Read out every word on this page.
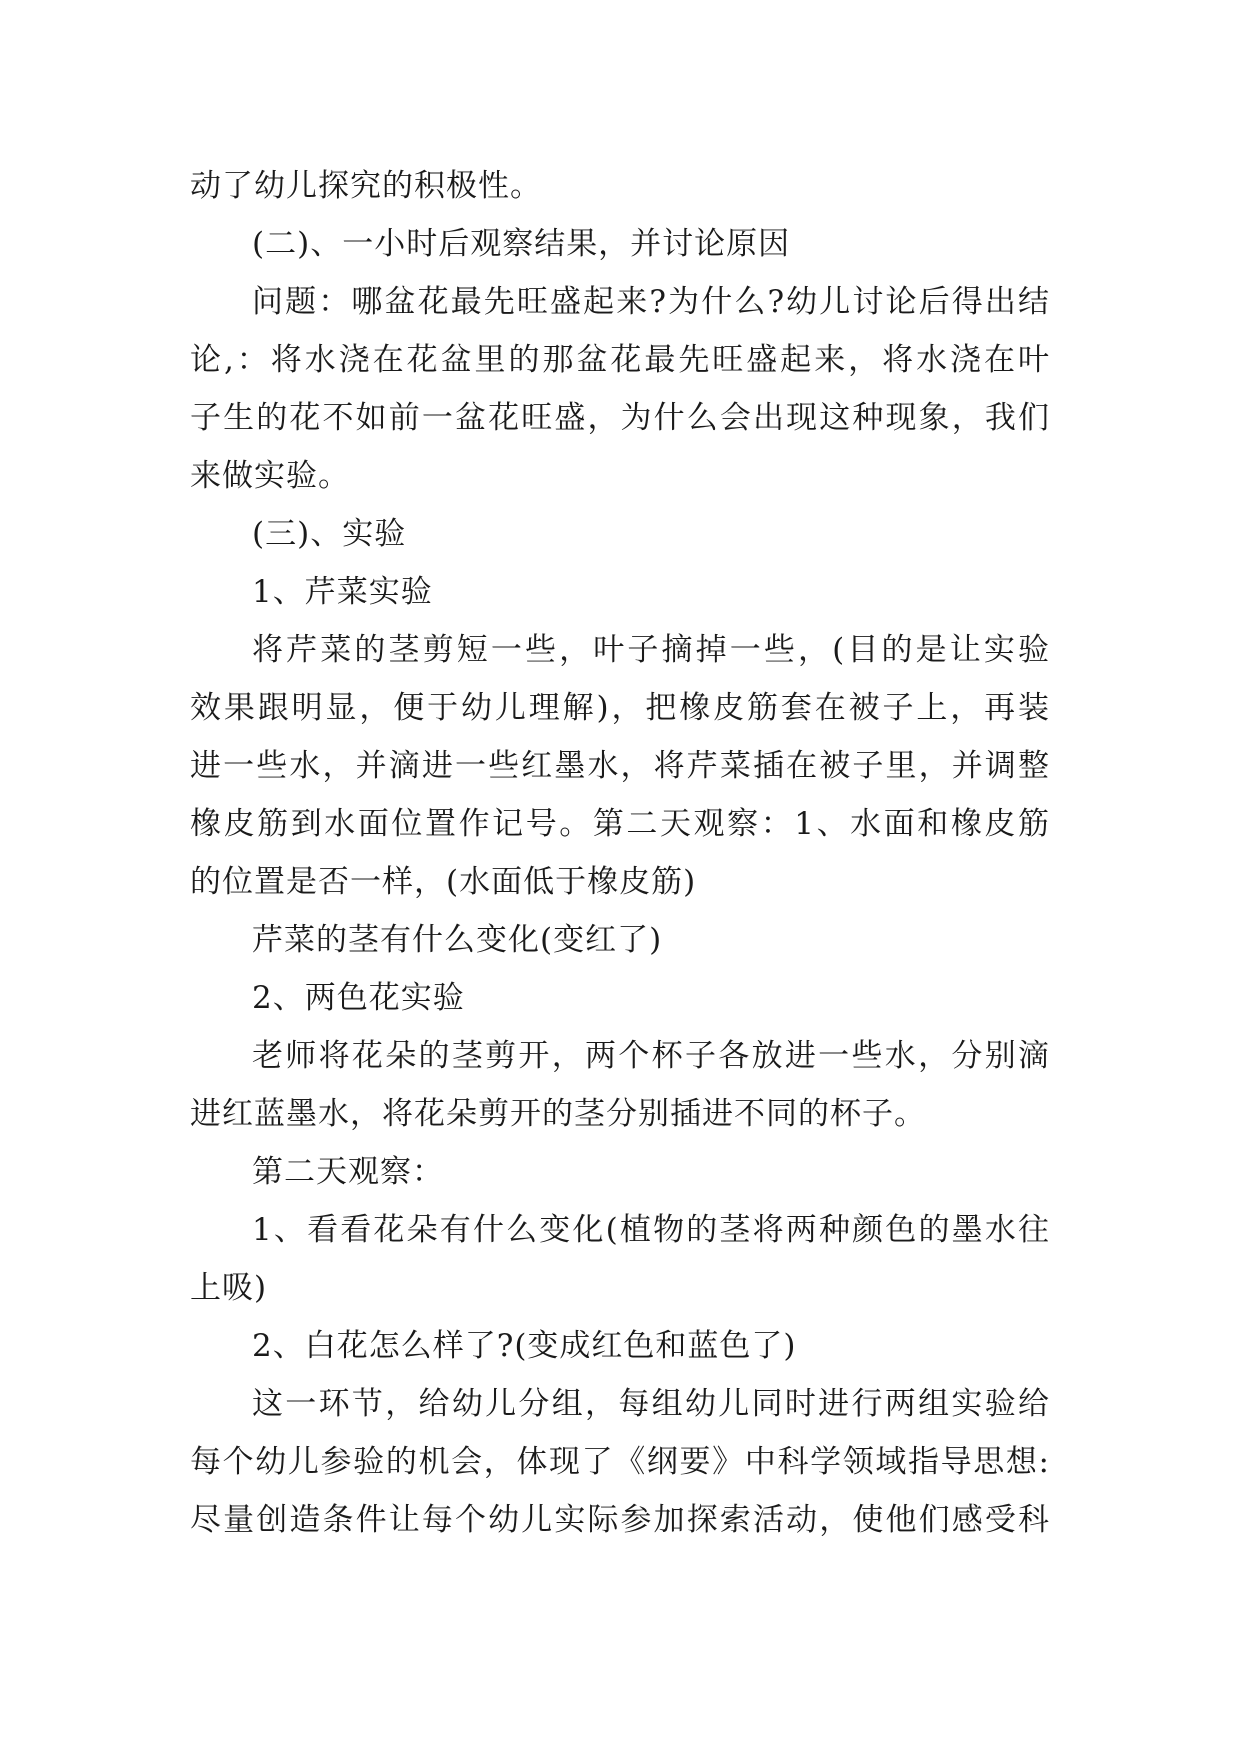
动了幼儿探究的积极性。
(二)、一小时后观察结果，并讨论原因
问题：哪盆花最先旺盛起来?为什么?幼儿讨论后得出结
论,：将水浇在花盆里的那盆花最先旺盛起来，将水浇在叶
子生的花不如前一盆花旺盛，为什么会出现这种现象，我们
来做实验。
(三)、实验
1、芹菜实验
将芹菜的茎剪短一些，叶子摘掉一些，(目的是让实验
效果跟明显，便于幼儿理解)，把橡皮筋套在被子上，再装
进一些水，并滴进一些红墨水，将芹菜插在被子里，并调整
橡皮筋到水面位置作记号。第二天观察：1、水面和橡皮筋
的位置是否一样，(水面低于橡皮筋)
芹菜的茎有什么变化(变红了)
2、两色花实验
老师将花朵的茎剪开，两个杯子各放进一些水，分别滴
进红蓝墨水，将花朵剪开的茎分别插进不同的杯子。
第二天观察：
1、看看花朵有什么变化(植物的茎将两种颜色的墨水往
上吸)
2、白花怎么样了?(变成红色和蓝色了)
这一环节，给幼儿分组，每组幼儿同时进行两组实验给
每个幼儿参验的机会，体现了《纲要》中科学领域指导思想:
尽量创造条件让每个幼儿实际参加探索活动，使他们感受科
